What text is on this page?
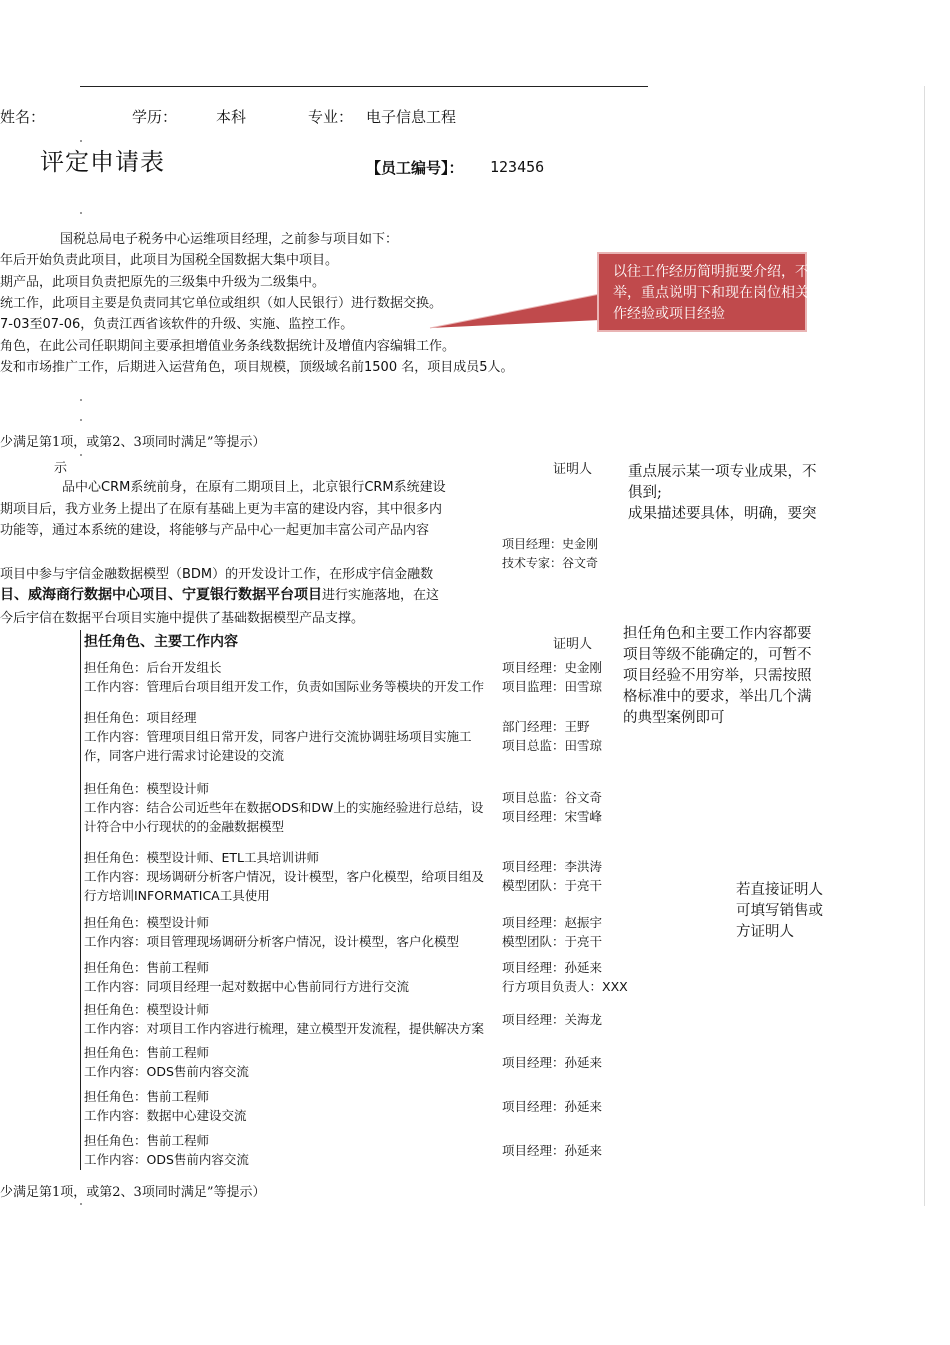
姓名：	学历：	本科	专业： 电子信息工程
评定申请表	【员工编号】： 123456
国税总局电子税务中心运维项目经理，之前参与项目如下：
年后开始负责此项目，此项目为国税全国数据大集中项目。
期产品，此项目负责把原先的三级集中升级为二级集中。
统工作，此项目主要是负责同其它单位或组织（如人民银行）进行数据交换。
7-03至07-06，负责江西省该软件的升级、实施、监控工作。
角色，在此公司任职期间主要承担增值业务条线数据统计及增值内容编辑工作。
发和市场推广工作，后期进入运营角色，项目规模，顶级域名前1500 名，项目成员5人。
以往工作经历简明扼要介绍，不
举，重点说明下和现在岗位相关
作经验或项目经验
少满足第1项，或第2、3项同时满足”等提示）
示	证明人 重点展示某一项专业成果，不
俱到;
成果描述要具体，明确，要突
品中心CRM系统前身，在原有二期项目上，北京银行CRM系统建设
期项目后，我方业务上提出了在原有基础上更为丰富的建设内容，其中很多内
功能等，通过本系统的建设，将能够与产品中心一起更加丰富公司产品内容
项目中参与宇信金融数据模型（BDM）的开发设计工作，在形成宇信金融数
目、威海商行数据中心项目、宁夏银行数据平台项目进行实施落地，在这
今后宇信在数据平台项目实施中提供了基础数据模型产品支撑。
项目经理：史金刚
技术专家：谷文奇
担任角色、主要工作内容	证明人
担任角色和主要工作内容都要
项目等级不能确定的，可暂不
项目经验不用穷举，只需按照
格标准中的要求，举出几个满
的典型案例即可
若直接证明人
可填写销售或
方证明人
担任角色：后台开发组长
工作内容：管理后台项目组开发工作，负责如国际业务等模块的开发工作
项目经理：史金刚
项目监理：田雪琼
担任角色：项目经理
工作内容：管理项目组日常开发，同客户进行交流协调驻场项目实施工
作，同客户进行需求讨论建设的交流
部门经理：王野
项目总监：田雪琼
担任角色：模型设计师
工作内容：结合公司近些年在数据ODS和DW上的实施经验进行总结，设
计符合中小行现状的的金融数据模型
项目总监：谷文奇
项目经理：宋雪峰
担任角色：模型设计师、ETL工具培训讲师
工作内容：现场调研分析客户情况，设计模型，客户化模型，给项目组及
行方培训INFORMATICA工具使用
项目经理：李洪涛
模型团队：于亮干
担任角色：模型设计师
工作内容：项目管理现场调研分析客户情况，设计模型，客户化模型
项目经理：赵振宇
模型团队：于亮干
担任角色：售前工程师
工作内容：同项目经理一起对数据中心售前同行方进行交流
项目经理：孙延来
行方项目负责人：XXX
担任角色：模型设计师
工作内容：对项目工作内容进行梳理，建立模型开发流程，提供解决方案
项目经理：关海龙
担任角色：售前工程师
工作内容：ODS售前内容交流
项目经理：孙延来
担任角色：售前工程师
工作内容：数据中心建设交流
项目经理：孙延来
担任角色：售前工程师
工作内容：ODS售前内容交流
项目经理：孙延来
少满足第1项，或第2、3项同时满足”等提示）
